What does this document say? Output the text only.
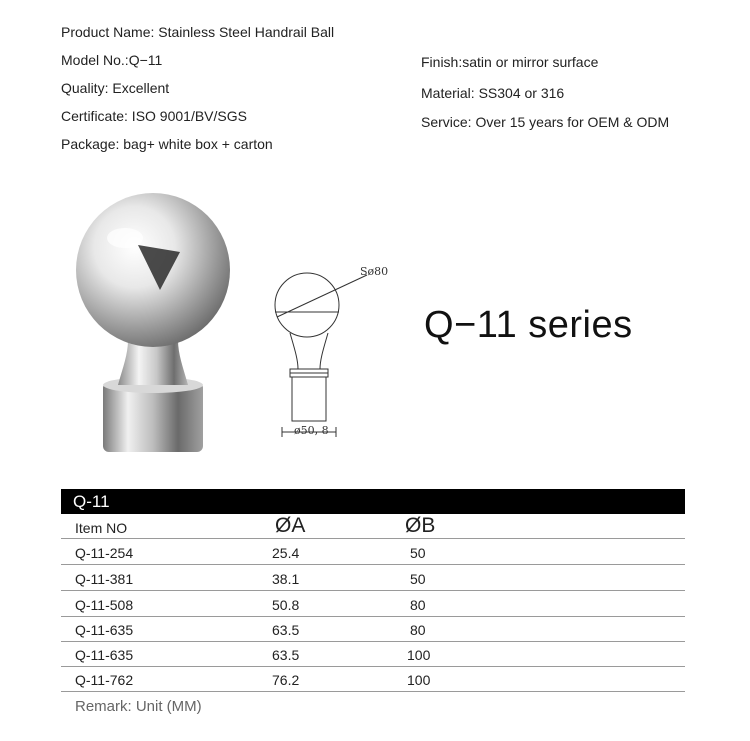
Product Name: Stainless Steel Handrail Ball
Model No.:Q−11
Quality: Excellent
Certificate: ISO 9001/BV/SGS
Package: bag+ white box + carton
Finish:satin or mirror surface
Material: SS304 or 316
Service: Over 15 years for OEM & ODM
Sø80
ø50, 8
Q−11 series
Q-11
Item NO	ØA	ØB
Q-11-254	25.4	50
Q-11-381	38.1	50
Q-11-508	50.8	80
Q-11-635	63.5	80
Q-11-635	63.5	100
Q-11-762	76.2	100
Remark: Unit (MM)
